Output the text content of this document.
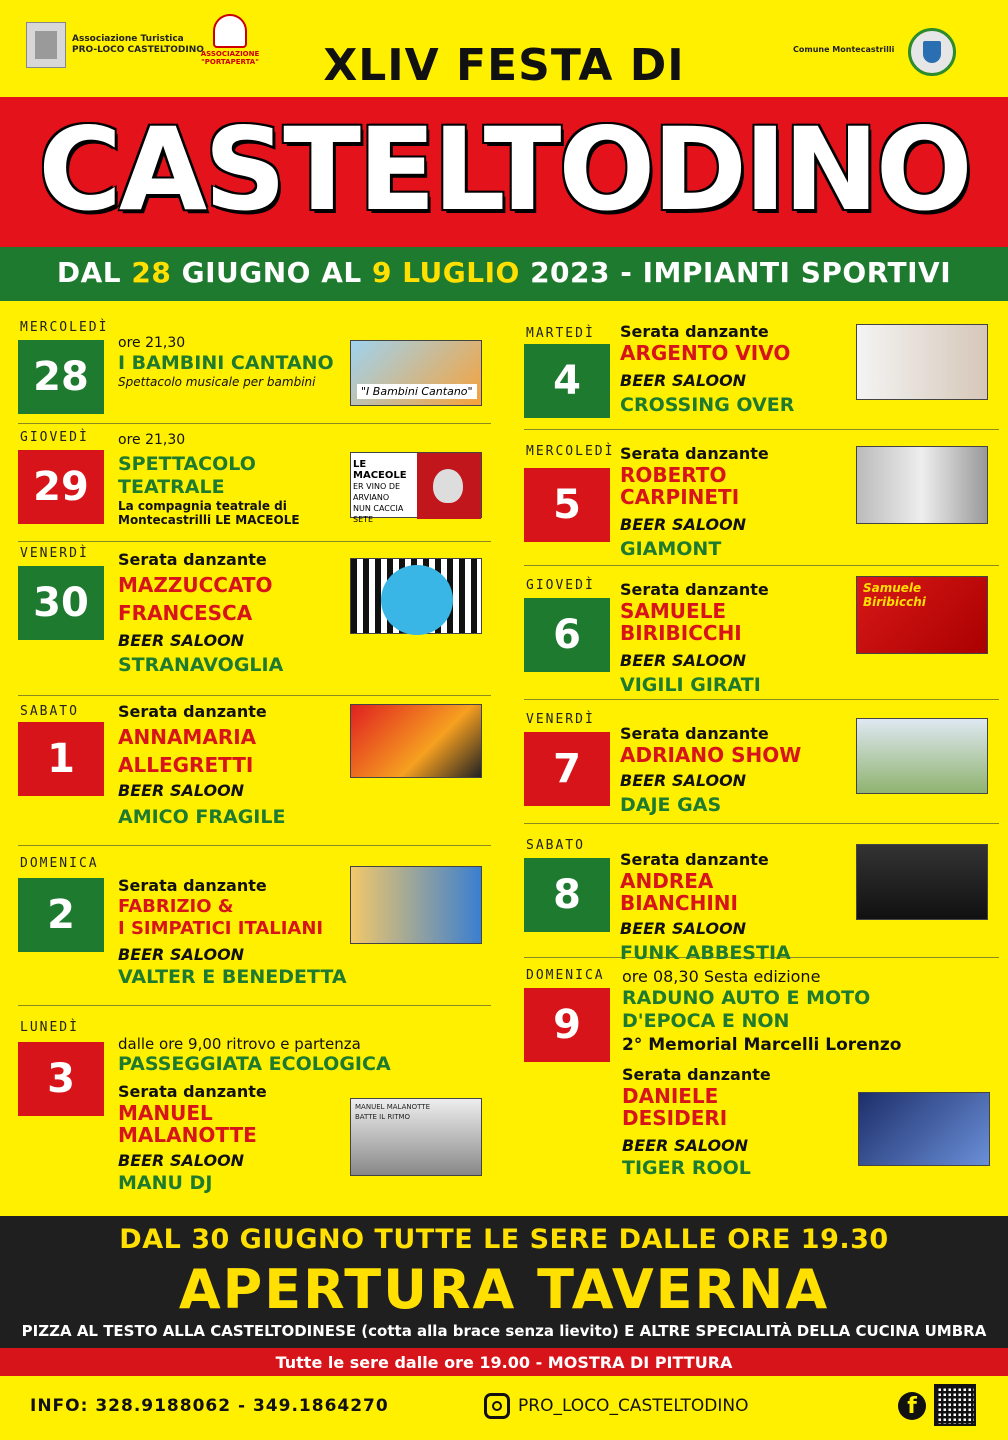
Associazione Turistica
PRO-LOCO CASTELTODINO
ASSOCIAZIONE
"PORTAPERTA"
Comune Montecastrilli
XLIV FESTA DI
CASTELTODINO
DAL 28 GIUGNO AL 9 LUGLIO 2023 - IMPIANTI SPORTIVI
MERCOLEDÌ
28
ore 21,30
I BAMBINI CANTANO
Spettacolo musicale per bambini
"I Bambini Cantano"
GIOVEDÌ
29
ore 21,30
SPETTACOLO
TEATRALE
La compagnia teatrale di
Montecastrilli LE MACEOLE
LE MACEOLE
ER VINO DE ARVIANO
NUN CACCIA SETE
VENERDÌ
30
Serata danzante
MAZZUCCATO
FRANCESCA
BEER SALOON
STRANAVOGLIA
SABATO
1
Serata danzante
ANNAMARIA
ALLEGRETTI
BEER SALOON
AMICO FRAGILE
DOMENICA
2
Serata danzante
FABRIZIO &
I SIMPATICI ITALIANI
BEER SALOON
VALTER E BENEDETTA
LUNEDÌ
3
dalle ore 9,00 ritrovo e partenza
PASSEGGIATA ECOLOGICA
Serata danzante
MANUEL
MALANOTTE
BEER SALOON
MANU DJ
MANUEL MALANOTTE
BATTE IL RITMO
MARTEDÌ
4
Serata danzante
ARGENTO VIVO
BEER SALOON
CROSSING OVER
MERCOLEDÌ
5
Serata danzante
ROBERTO
CARPINETI
BEER SALOON
GIAMONT
GIOVEDÌ
6
Serata danzante
SAMUELE
BIRIBICCHI
BEER SALOON
VIGILI GIRATI
Samuele Biribicchi
VENERDÌ
7
Serata danzante
ADRIANO SHOW
BEER SALOON
DAJE GAS
SABATO
8
Serata danzante
ANDREA
BIANCHINI
BEER SALOON
FUNK ABBESTIA
DOMENICA
9
ore 08,30 Sesta edizione
RADUNO AUTO E MOTO
D'EPOCA E NON
2° Memorial Marcelli Lorenzo
Serata danzante
DANIELE
DESIDERI
BEER SALOON
TIGER ROOL
DAL 30 GIUGNO TUTTE LE SERE DALLE ORE 19.30
APERTURA TAVERNA
PIZZA AL TESTO ALLA CASTELTODINESE (cotta alla brace senza lievito) E ALTRE SPECIALITÀ DELLA CUCINA UMBRA
Tutte le sere dalle ore 19.00 - MOSTRA DI PITTURA
INFO: 328.9188062 - 349.1864270	PRO_LOCO_CASTELTODINO	f
